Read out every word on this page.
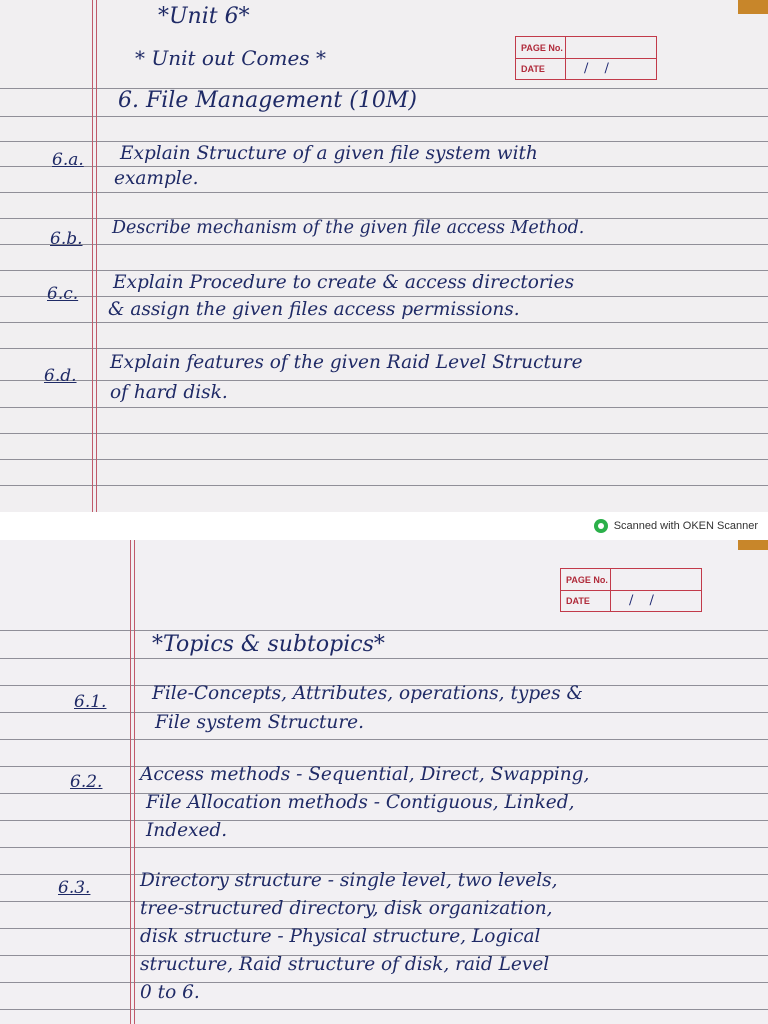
*Unit 6*
* Unit out Comes *	PAGE No.
DATE	/ /
6. File Management (10M)
6.a. Explain Structure of a given file system with
example.
6.b.
Describe mechanism of the given file access Method.
6.c.
Explain Procedure to create & access directories
& assign the given files access permissions.
6.d.
Explain features of the given Raid Level Structure
of hard disk.
Scanned with OKEN Scanner
PAGE No.
DATE	/ /
*Topics & subtopics*
6.1. File-Concepts, Attributes, operations, types &
File system Structure.
6.2. Access methods - Sequential, Direct, Swapping,
File Allocation methods - Contiguous, Linked,
Indexed.
6.3.	Directory structure - single level, two levels,
tree-structured directory, disk organization,
disk structure - Physical structure, Logical
structure, Raid structure of disk, raid Level
0 to 6.
